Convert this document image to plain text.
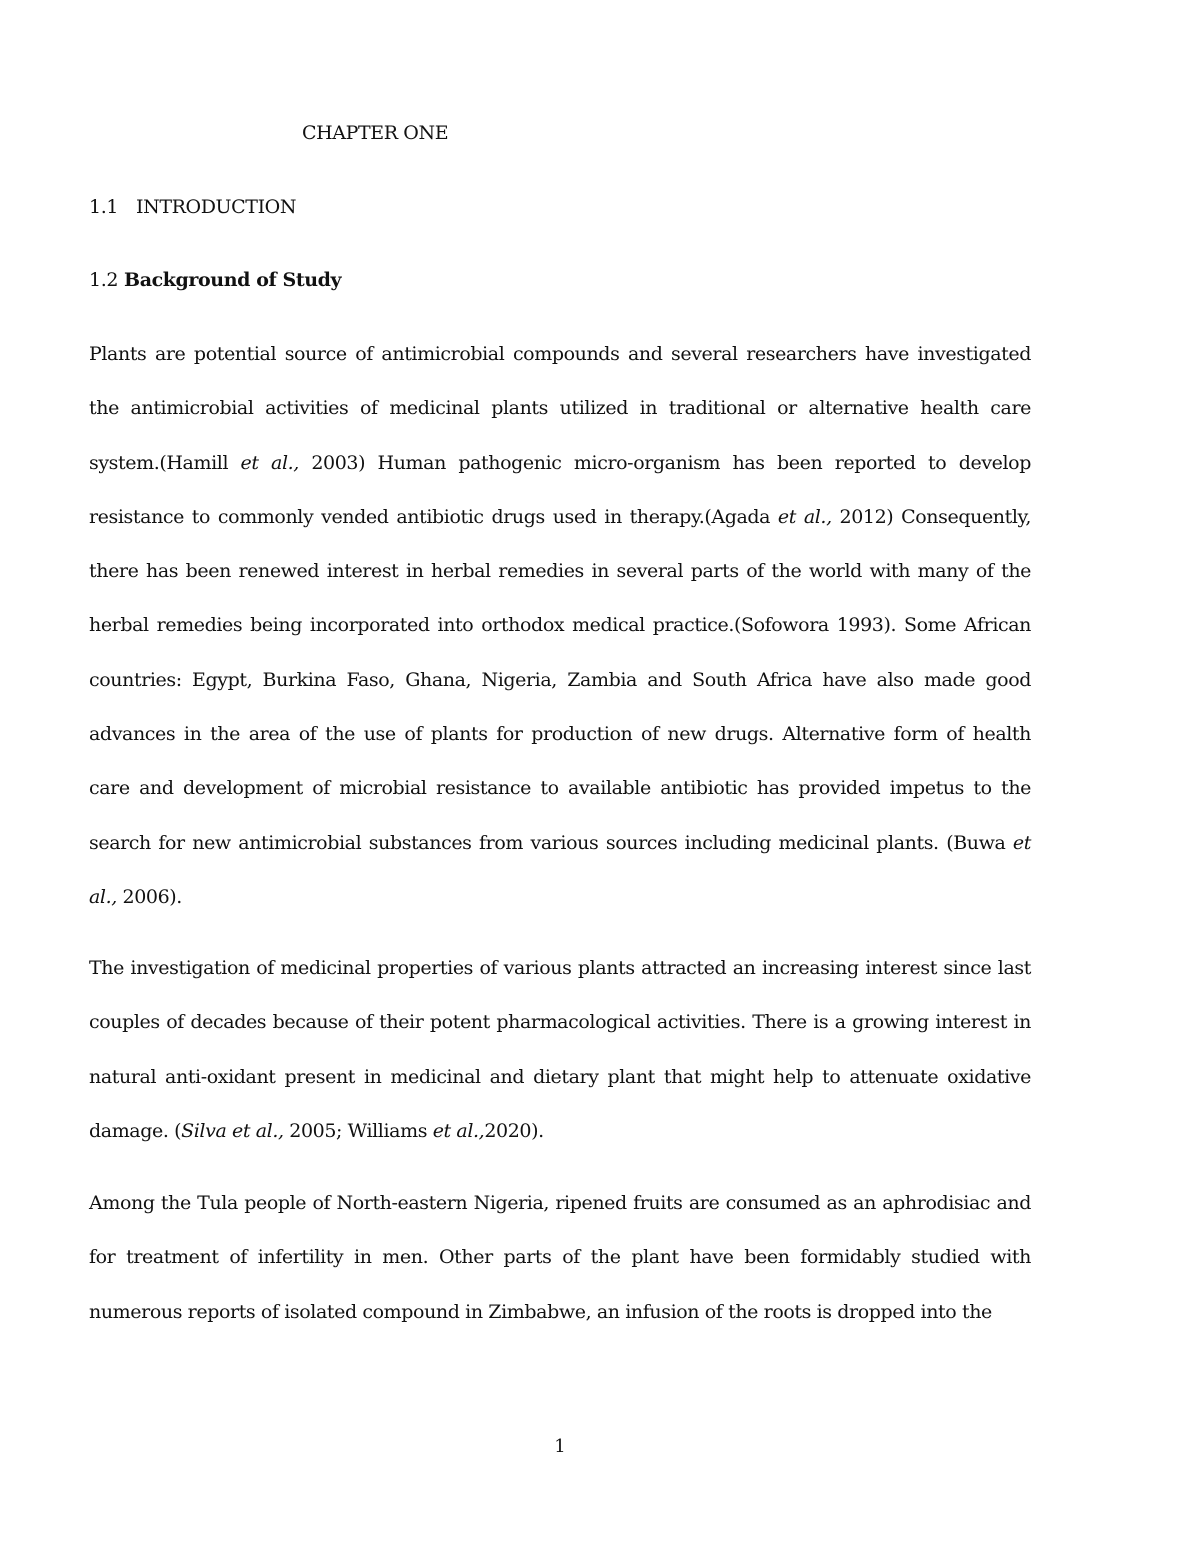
CHAPTER ONE
1.1 INTRODUCTION
1.2 Background of Study

Plants are potential source of antimicrobial compounds and several researchers have investigated
the antimicrobial activities of medicinal plants utilized in traditional or alternative health care
system.(Hamill et al., 2003) Human pathogenic micro-organism has been reported to develop
resistance to commonly vended antibiotic drugs used in therapy.(Agada et al., 2012) Consequently,
there has been renewed interest in herbal remedies in several parts of the world with many of the
herbal remedies being incorporated into orthodox medical practice.(Sofowora 1993). Some African
countries: Egypt, Burkina Faso, Ghana, Nigeria, Zambia and South Africa have also made good
advances in the area of the use of plants for production of new drugs. Alternative form of health
care and development of microbial resistance to available antibiotic has provided impetus to the
search for new antimicrobial substances from various sources including medicinal plants. (Buwa et
al., 2006).

The investigation of medicinal properties of various plants attracted an increasing interest since last
couples of decades because of their potent pharmacological activities. There is a growing interest in
natural anti-oxidant present in medicinal and dietary plant that might help to attenuate oxidative
damage. (Silva et al., 2005; Williams et al.,2020).

Among the Tula people of North-eastern Nigeria, ripened fruits are consumed as an aphrodisiac and
for treatment of infertility in men. Other parts of the plant have been formidably studied with
numerous reports of isolated compound in Zimbabwe, an infusion of the roots is dropped into the

1
